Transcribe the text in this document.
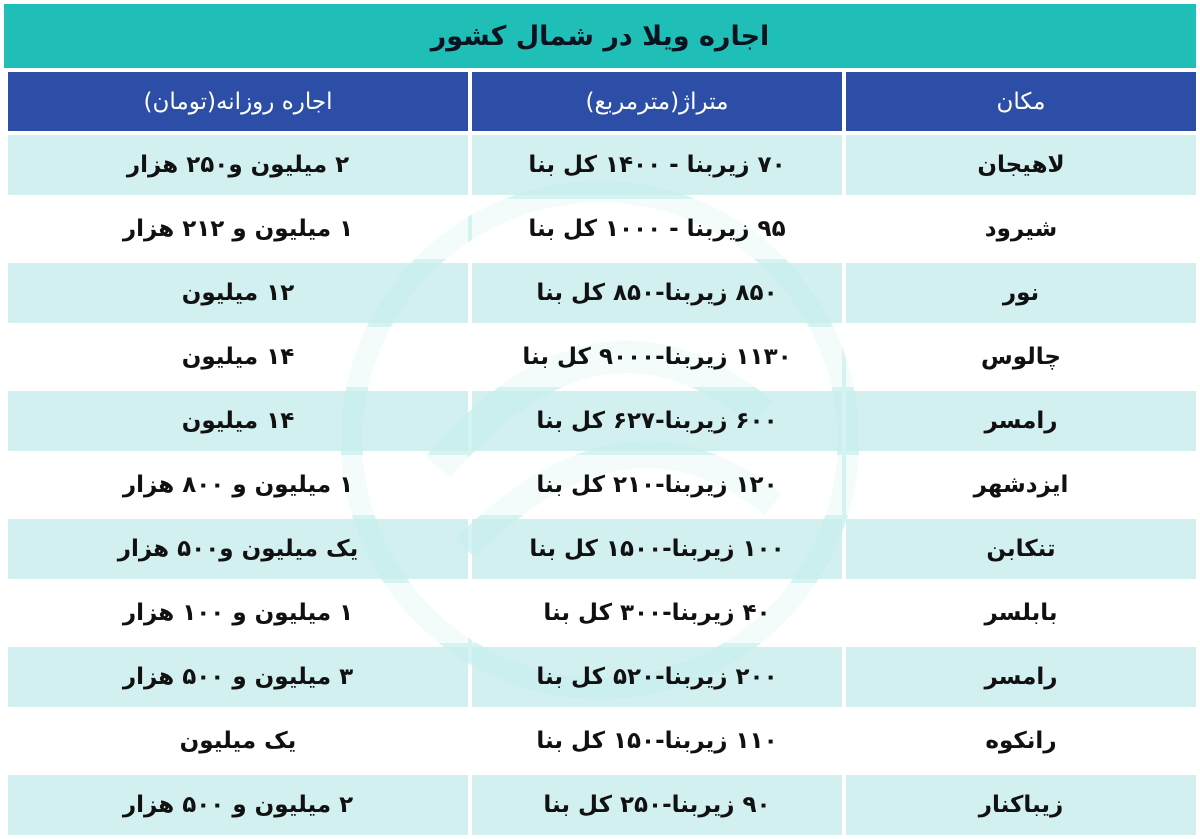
اجاره ویلا در شمال کشور
مکان	متراژ(مترمربع)	اجاره روزانه(تومان)
لاهیجان	۷۰ زیربنا - ۱۴۰۰ کل بنا	۲ میلیون و۲۵۰ هزار
شیرود	۹۵ زیربنا - ۱۰۰۰ کل بنا	۱ میلیون و ۲۱۲ هزار
نور	۸۵۰ زیربنا-۸۵۰ کل بنا	۱۲ میلیون
چالوس	۱۱۳۰ زیربنا-۹۰۰۰ کل بنا	۱۴ میلیون
رامسر	۶۰۰ زیربنا-۶۲۷ کل بنا	۱۴ میلیون
ایزدشهر	۱۲۰ زیربنا-۲۱۰ کل بنا	۱ میلیون و ۸۰۰ هزار
تنکابن	۱۰۰ زیربنا-۱۵۰۰ کل بنا	یک میلیون و۵۰۰ هزار
بابلسر	۴۰ زیربنا-۳۰۰ کل بنا	۱ میلیون و ۱۰۰ هزار
رامسر	۲۰۰ زیربنا-۵۲۰ کل بنا	۳ میلیون و ۵۰۰ هزار
رانکوه	۱۱۰ زیربنا-۱۵۰ کل بنا	یک میلیون
زیباکنار	۹۰ زیربنا-۲۵۰ کل بنا	۲ میلیون و ۵۰۰ هزار
